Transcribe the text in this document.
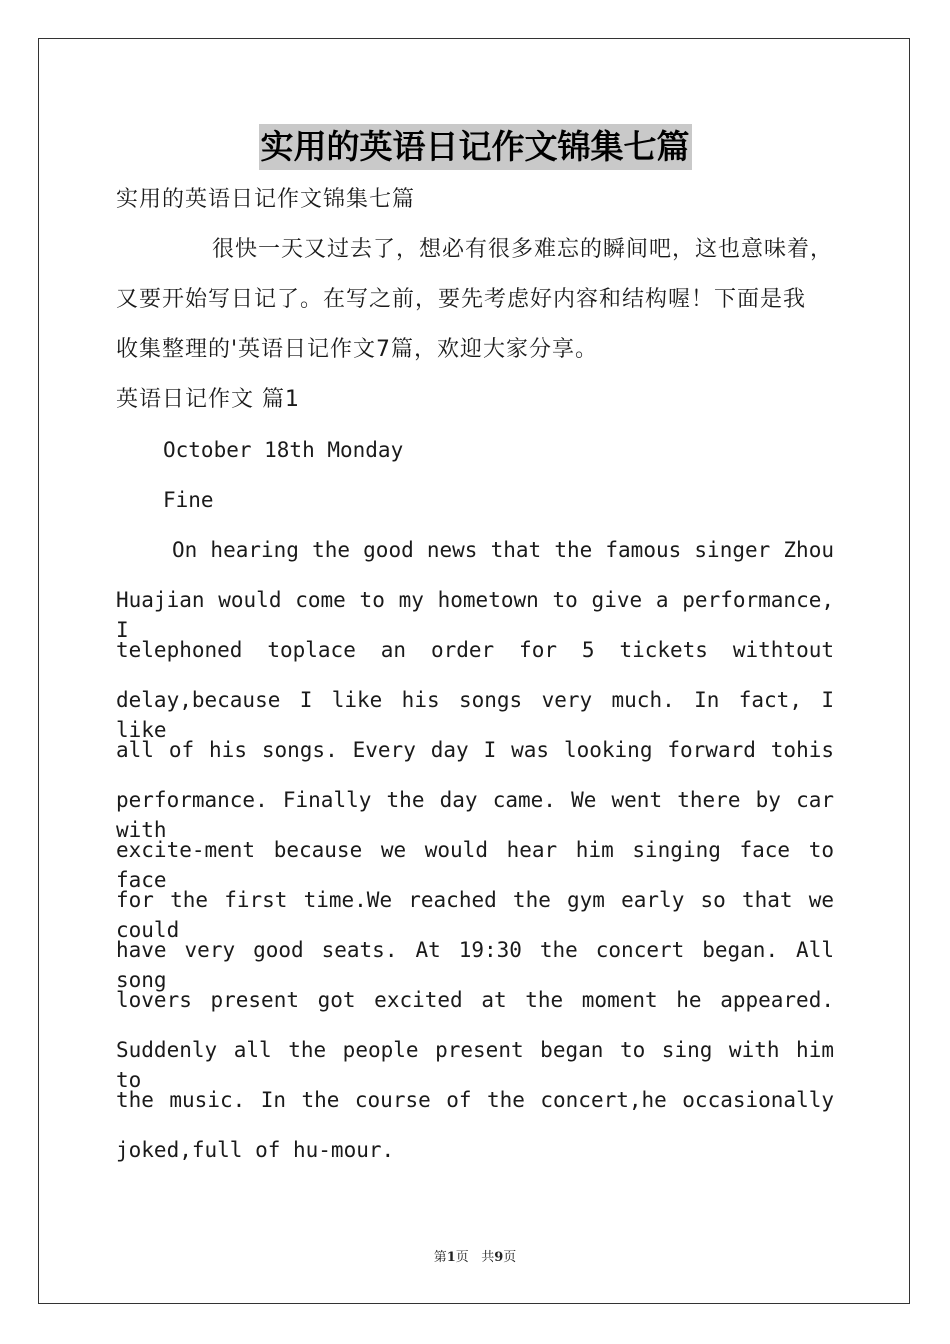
实用的英语日记作文锦集七篇
实用的英语日记作文锦集七篇
很快一天又过去了，想必有很多难忘的瞬间吧，这也意味着，
又要开始写日记了。在写之前，要先考虑好内容和结构喔！下面是我
收集整理的'英语日记作文7篇，欢迎大家分享。
英语日记作文 篇1
October 18th Monday
Fine
On hearing the good news that the famous singer Zhou
Huajian would come to my hometown to give a performance, I
telephoned toplace an order for 5 tickets withtout
delay,because I like his songs very much. In fact, I like
all of his songs. Every day I was looking forward tohis
performance. Finally the day came. We went there by car with
excite-ment because we would hear him singing face to face
for the first time.We reached the gym early so that we could
have very good seats. At 19:30 the concert began. All song
lovers present got excited at the moment he appeared.
Suddenly all the people present began to sing with him to
the music. In the course of the concert,he occasionally
joked,full of hu-mour.
第1页 共9页
